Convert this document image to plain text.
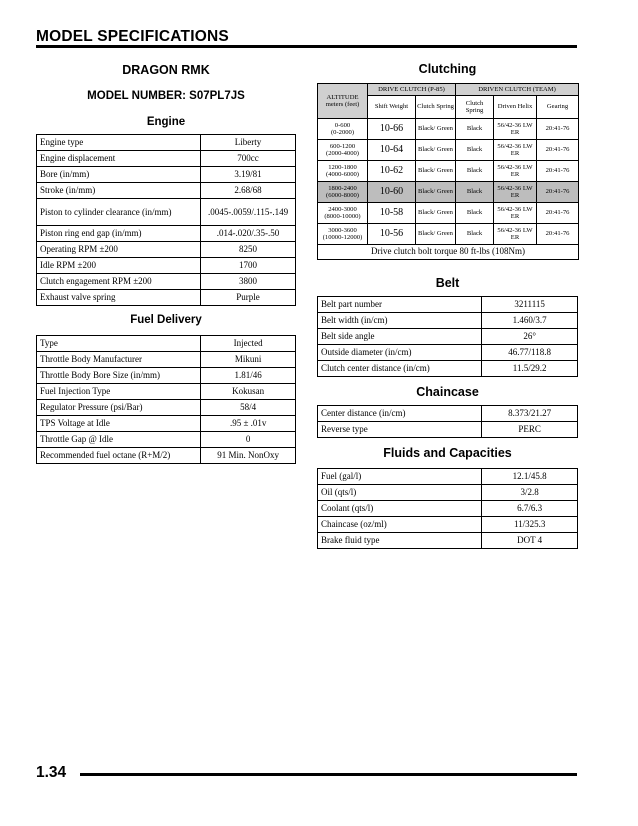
MODEL SPECIFICATIONS
DRAGON RMK
MODEL NUMBER: S07PL7JS
Engine
Engine type	Liberty
Engine displacement	700cc
Bore (in/mm)	3.19/81
Stroke (in/mm)	2.68/68
Piston to cylinder clearance (in/mm)	.0045-.0059/.115-.149
Piston ring end gap (in/mm)	.014-.020/.35-.50
Operating RPM ±200	8250
Idle RPM ±200	1700
Clutch engagement RPM ±200	3800
Exhaust valve spring	Purple
Fuel Delivery
Type	Injected
Throttle Body Manufacturer	Mikuni
Throttle Body Bore Size (in/mm)	1.81/46
Fuel Injection Type	Kokusan
Regulator Pressure (psi/Bar)	58/4
TPS Voltage at Idle	.95 ± .01v
Throttle Gap @ Idle	0
Recommended fuel octane (R+M/2)	91 Min. NonOxy
Clutching
ALTITUDE meters (feet)	DRIVE CLUTCH (P-85)		DRIVEN CLUTCH (TEAM)		
	Shift Weight	Clutch Spring	Clutch Spring	Driven Helix	Gearing

0-600
(0-2000)	10-66	Black/ Green	Black	56/42-36 LW ER	20:41-76

600-1200
(2000-4000)	10-64	Black/ Green	Black	56/42-36 LW ER	20:41-76

1200-1800
(4000-6000)	10-62	Black/ Green	Black	56/42-36 LW ER	20:41-76

1800-2400
(6000-8000)	10-60	Black/ Green	Black	56/42-36 LW ER	20:41-76

2400-3000
(8000-10000)	10-58	Black/ Green	Black	56/42-36 LW ER	20:41-76

3000-3600
(10000-12000)	10-56	Black/ Green	Black	56/42-36 LW ER	20:41-76
Drive clutch bolt torque 80 ft-lbs (108Nm)					
Belt
Belt part number	3211115
Belt width (in/cm)	1.460/3.7
Belt side angle	26°
Outside diameter (in/cm)	46.77/118.8
Clutch center distance (in/cm)	11.5/29.2
Chaincase
Center distance (in/cm)	8.373/21.27
Reverse type	PERC
Fluids and Capacities
Fuel (gal/l)	12.1/45.8
Oil (qts/l)	3/2.8
Coolant (qts/l)	6.7/6.3
Chaincase (oz/ml)	11/325.3
Brake fluid type	DOT 4
1.34
